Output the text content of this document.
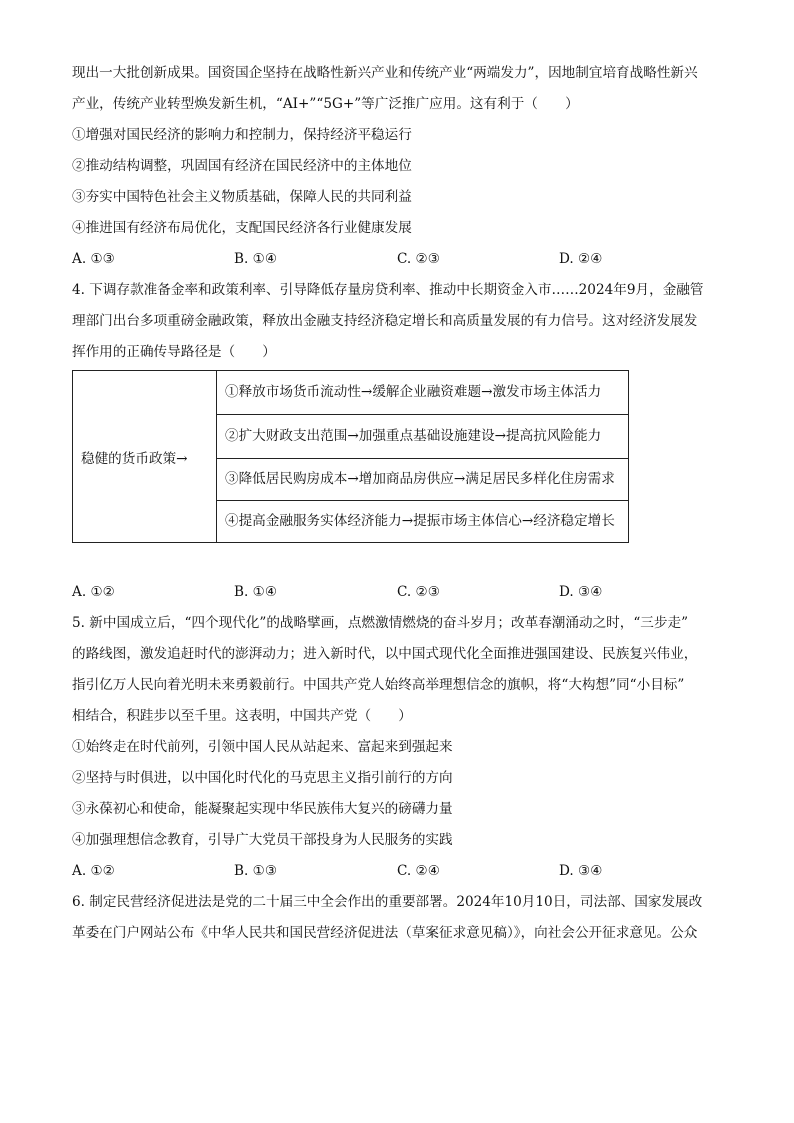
现出一大批创新成果。国资国企坚持在战略性新兴产业和传统产业“两端发力”，因地制宜培育战略性新兴
产业，传统产业转型焕发新生机，“AI+”“5G+”等广泛推广应用。这有利于（　　）
①增强对国民经济的影响力和控制力，保持经济平稳运行
②推动结构调整，巩固国有经济在国民经济中的主体地位
③夯实中国特色社会主义物质基础，保障人民的共同利益
④推进国有经济布局优化，支配国民经济各行业健康发展
A. ①③	B. ①④	C. ②③	D. ②④
4. 下调存款准备金率和政策利率、引导降低存量房贷利率、推动中长期资金入市……2024年9月，金融管
理部门出台多项重磅金融政策，释放出金融支持经济稳定增长和高质量发展的有力信号。这对经济发展发
挥作用的正确传导路径是（　　）
稳健的货币政策→	①释放市场货币流动性→缓解企业融资难题→激发市场主体活力
②扩大财政支出范围→加强重点基础设施建设→提高抗风险能力
③降低居民购房成本→增加商品房供应→满足居民多样化住房需求
④提高金融服务实体经济能力→提振市场主体信心→经济稳定增长
A. ①②	B. ①④	C. ②③	D. ③④
5. 新中国成立后，“四个现代化”的战略擘画，点燃激情燃烧的奋斗岁月；改革春潮涌动之时，“三步走”
的路线图，激发追赶时代的澎湃动力；进入新时代，以中国式现代化全面推进强国建设、民族复兴伟业，
指引亿万人民向着光明未来勇毅前行。中国共产党人始终高举理想信念的旗帜，将“大构想”同“小目标”
相结合，积跬步以至千里。这表明，中国共产党（　　）
①始终走在时代前列，引领中国人民从站起来、富起来到强起来
②坚持与时俱进，以中国化时代化的马克思主义指引前行的方向
③永葆初心和使命，能凝聚起实现中华民族伟大复兴的磅礴力量
④加强理想信念教育，引导广大党员干部投身为人民服务的实践
A. ①②	B. ①③	C. ②④	D. ③④
6. 制定民营经济促进法是党的二十届三中全会作出的重要部署。2024年10月10日，司法部、国家发展改
革委在门户网站公布《中华人民共和国民营经济促进法（草案征求意见稿）》，向社会公开征求意见。公众
